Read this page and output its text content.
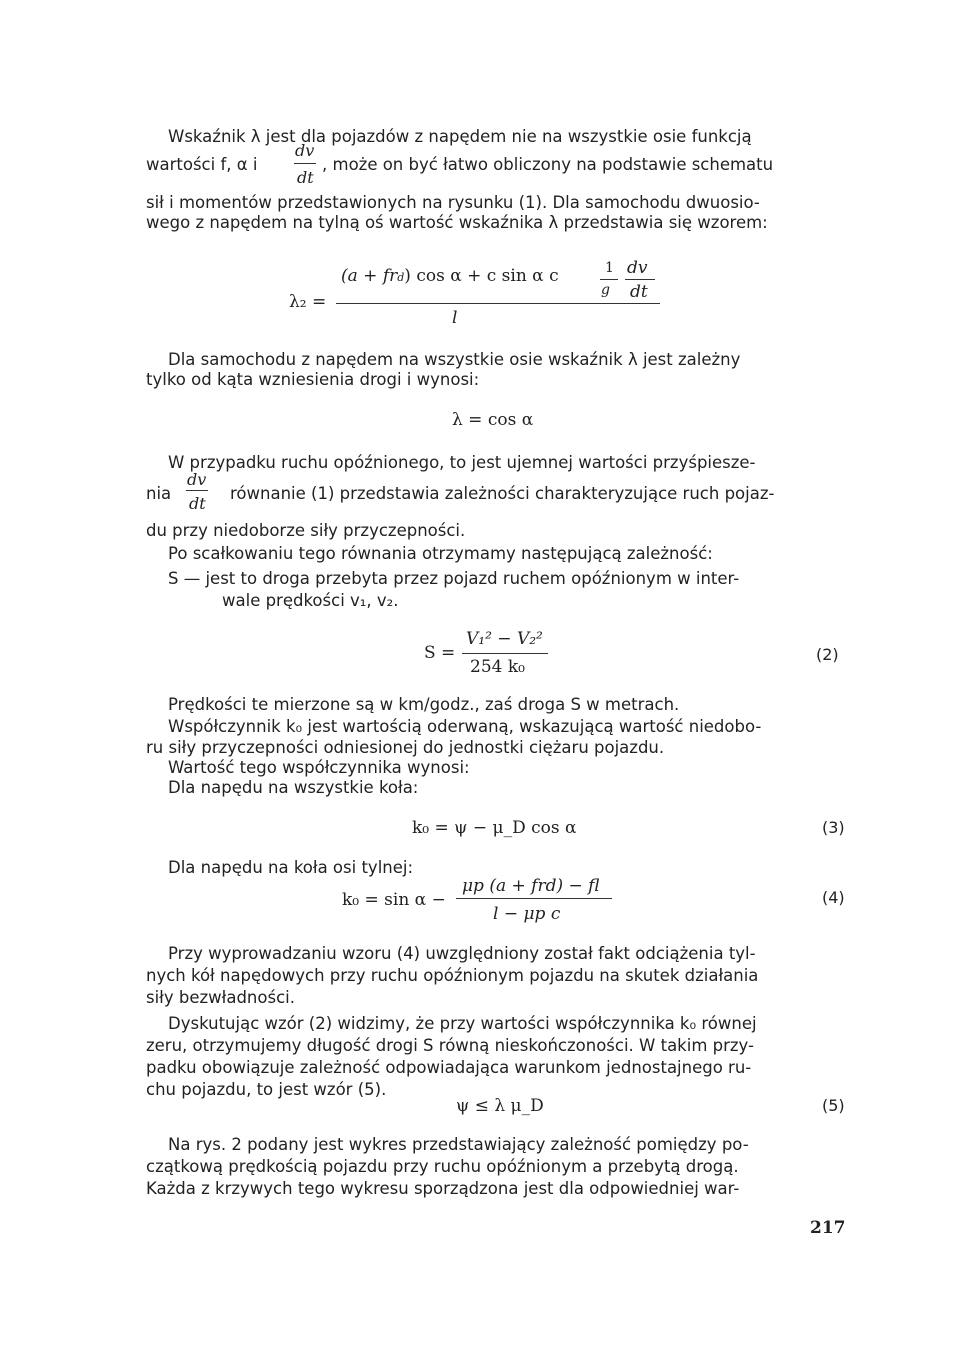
Wskaźnik λ jest dla pojazdów z napędem nie na wszystkie osie funkcją
dv
wartości f, α i	, może on być łatwo obliczony na podstawie schematu
dt
sił i momentów przedstawionych na rysunku (1). Dla samochodu dwuosio-
wego z napędem na tylną oś wartość wskaźnika λ przedstawia się wzorem:
(a + frd) cos α + c sin α c	1
g
dv
dt
λ₂ =
l
Dla samochodu z napędem na wszystkie osie wskaźnik λ jest zależny
tylko od kąta wzniesienia drogi i wynosi:
λ = cos α
W przypadku ruchu opóźnionego, to jest ujemnej wartości przyśpiesze-
dv
nia	równanie (1) przedstawia zależności charakteryzujące ruch pojaz-
dt
du przy niedoborze siły przyczepności.
Po scałkowaniu tego równania otrzymamy następującą zależność:
S — jest to droga przebyta przez pojazd ruchem opóźnionym w inter-
wale prędkości v₁, v₂.
S =
V₁² − V₂²
254 k₀
(2)
Prędkości te mierzone są w km/godz., zaś droga S w metrach.
Współczynnik k₀ jest wartością oderwaną, wskazującą wartość niedobo-
ru siły przyczepności odniesionej do jednostki ciężaru pojazdu.
Wartość tego współczynnika wynosi:
Dla napędu na wszystkie koła:
k₀ = ψ − μ_D cos α	(3)
Dla napędu na koła osi tylnej:
μp (a + frd) − fl
k₀ = sin α −
l − μp c
(4)
Przy wyprowadzaniu wzoru (4) uwzględniony został fakt odciążenia tyl-
nych kół napędowych przy ruchu opóźnionym pojazdu na skutek działania
siły bezwładności.
Dyskutując wzór (2) widzimy, że przy wartości współczynnika k₀ równej
zeru, otrzymujemy długość drogi S równą nieskończoności. W takim przy-
padku obowiązuje zależność odpowiadająca warunkom jednostajnego ru-
chu pojazdu, to jest wzór (5).
ψ ≤ λ μ_D	(5)
Na rys. 2 podany jest wykres przedstawiający zależność pomiędzy po-
czątkową prędkością pojazdu przy ruchu opóźnionym a przebytą drogą.
Każda z krzywych tego wykresu sporządzona jest dla odpowiedniej war-
217
